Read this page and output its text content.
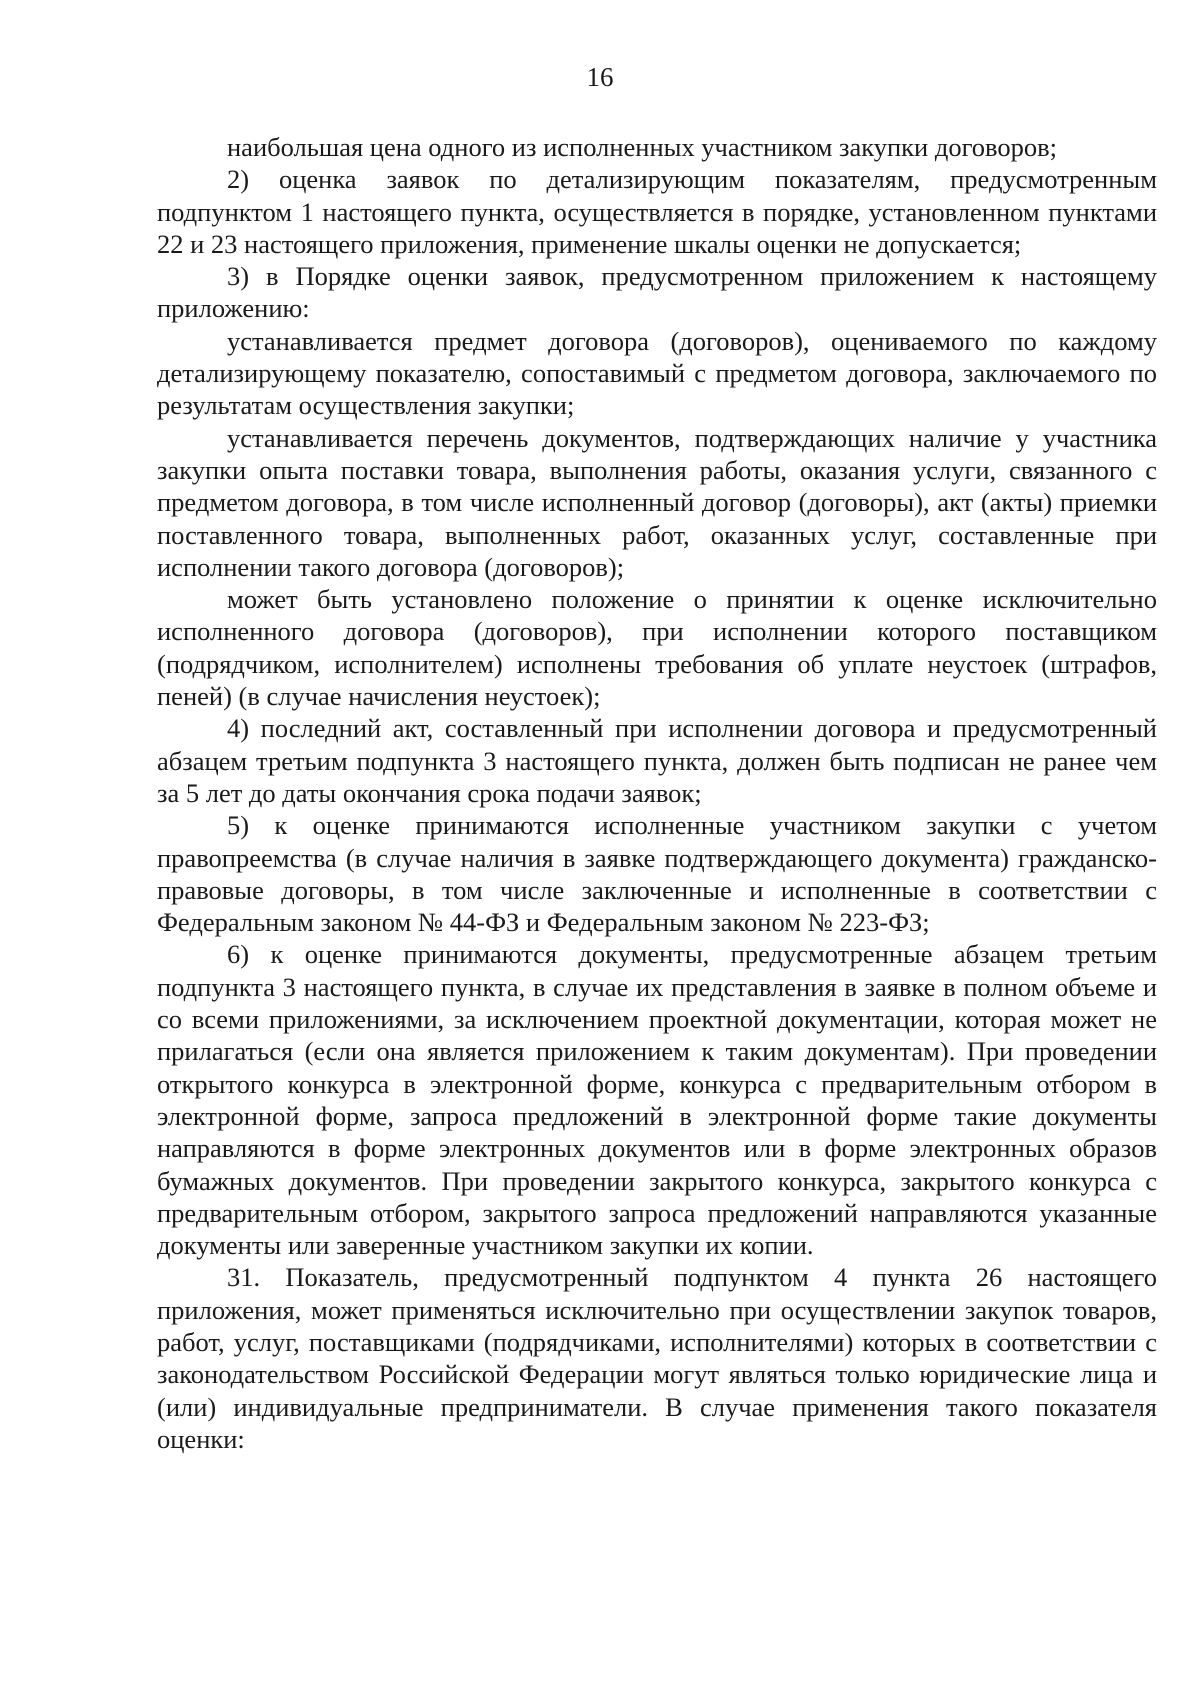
16

наибольшая цена одного из исполненных участником закупки договоров;

2) оценка заявок по детализирующим показателям, предусмотренным подпунктом 1 настоящего пункта, осуществляется в порядке, установленном пунктами 22 и 23 настоящего приложения, применение шкалы оценки не допускается;

3) в Порядке оценки заявок, предусмотренном приложением к настоящему приложению:

устанавливается предмет договора (договоров), оцениваемого по каждому детализирующему показателю, сопоставимый с предметом договора, заключаемого по результатам осуществления закупки;

устанавливается перечень документов, подтверждающих наличие у участника закупки опыта поставки товара, выполнения работы, оказания услуги, связанного с предметом договора, в том числе исполненный договор (договоры), акт (акты) приемки поставленного товара, выполненных работ, оказанных услуг, составленные при исполнении такого договора (договоров);

может быть установлено положение о принятии к оценке исключительно исполненного договора (договоров), при исполнении которого поставщиком (подрядчиком, исполнителем) исполнены требования об уплате неустоек (штрафов, пеней) (в случае начисления неустоек);

4) последний акт, составленный при исполнении договора и предусмотренный абзацем третьим подпункта 3 настоящего пункта, должен быть подписан не ранее чем за 5 лет до даты окончания срока подачи заявок;

5) к оценке принимаются исполненные участником закупки с учетом правопреемства (в случае наличия в заявке подтверждающего документа) гражданско-правовые договоры, в том числе заключенные и исполненные в соответствии с Федеральным законом № 44-ФЗ и Федеральным законом № 223-ФЗ;

6) к оценке принимаются документы, предусмотренные абзацем третьим подпункта 3 настоящего пункта, в случае их представления в заявке в полном объеме и со всеми приложениями, за исключением проектной документации, которая может не прилагаться (если она является приложением к таким документам). При проведении открытого конкурса в электронной форме, конкурса с предварительным отбором в электронной форме, запроса предложений в электронной форме такие документы направляются в форме электронных документов или в форме электронных образов бумажных документов. При проведении закрытого конкурса, закрытого конкурса с предварительным отбором, закрытого запроса предложений направляются указанные документы или заверенные участником закупки их копии.

31. Показатель, предусмотренный подпунктом 4 пункта 26 настоящего приложения, может применяться исключительно при осуществлении закупок товаров, работ, услуг, поставщиками (подрядчиками, исполнителями) которых в соответствии с законодательством Российской Федерации могут являться только юридические лица и (или) индивидуальные предприниматели. В случае применения такого показателя оценки:
